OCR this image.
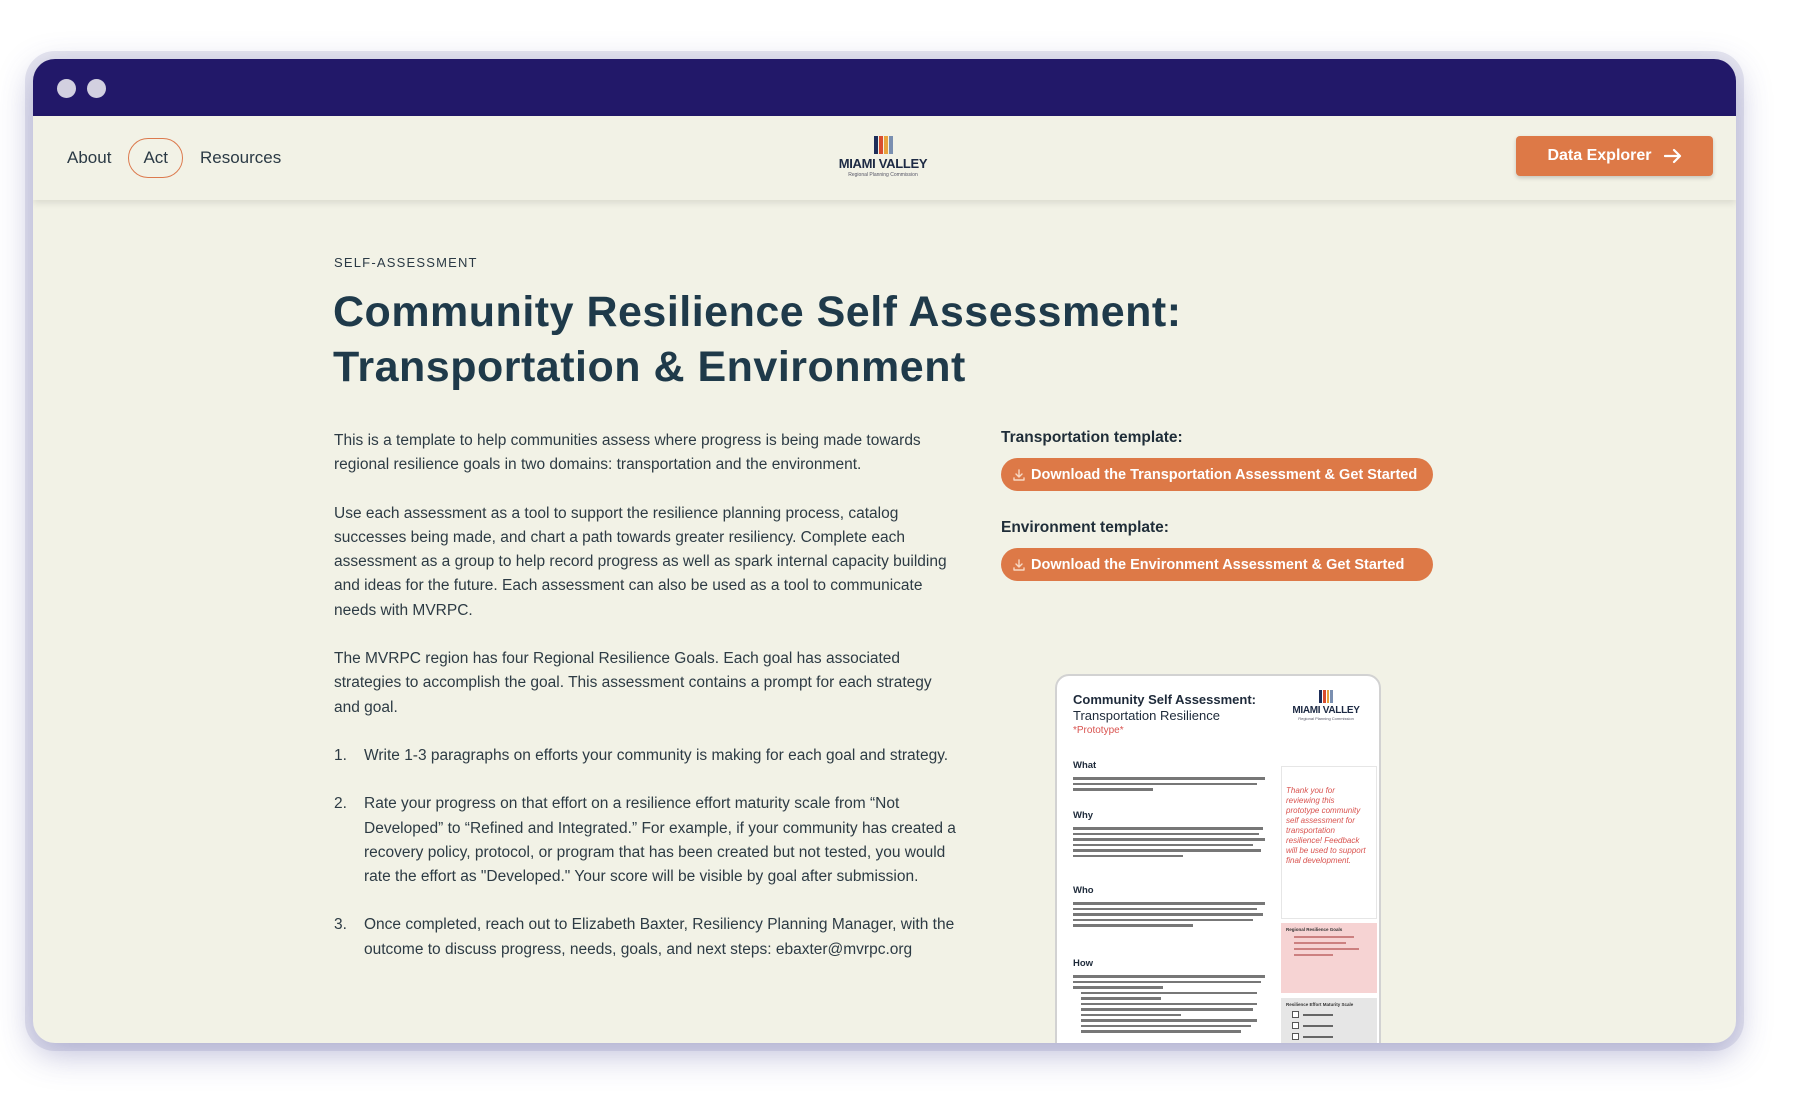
About	Act	Resources	MIAMI VALLEY
Regional Planning Commission
Data Explorer
SELF-ASSESSMENT
Community Resilience Self Assessment:
Transportation & Environment

This is a template to help communities assess where progress is being made towards regional resilience goals in two domains: transportation and the environment.

Use each assessment as a tool to support the resilience planning process, catalog successes being made, and chart a path towards greater resiliency. Complete each assessment as a group to help record progress as well as spark internal capacity building and ideas for the future. Each assessment can also be used as a tool to communicate needs with MVRPC.

The MVRPC region has four Regional Resilience Goals. Each goal has associated strategies to accomplish the goal. This assessment contains a prompt for each strategy and goal.

1. Write 1-3 paragraphs on efforts your community is making for each goal and strategy.
2. Rate your progress on that effort on a resilience effort maturity scale from “Not Developed” to “Refined and Integrated.” For example, if your community has created a recovery policy, protocol, or program that has been created but not tested, you would rate the effort as "Developed." Your score will be visible by goal after submission.
3. Once completed, reach out to Elizabeth Baxter, Resiliency Planning Manager, with the outcome to discuss progress, needs, goals, and next steps: ebaxter@mvrpc.org
Transportation template:
Download the Transportation Assessment & Get Started
Environment template:
Download the Environment Assessment & Get Started
Community Self Assessment:
Transportation Resilience
*Prototype*
MIAMI VALLEY
Regional Planning Commission
What
Why
Who
How
Thank you for reviewing this prototype community self assessment for transportation resilience! Feedback will be used to support final development.
Regional Resilience Goals
Resilience Effort Maturity Scale
